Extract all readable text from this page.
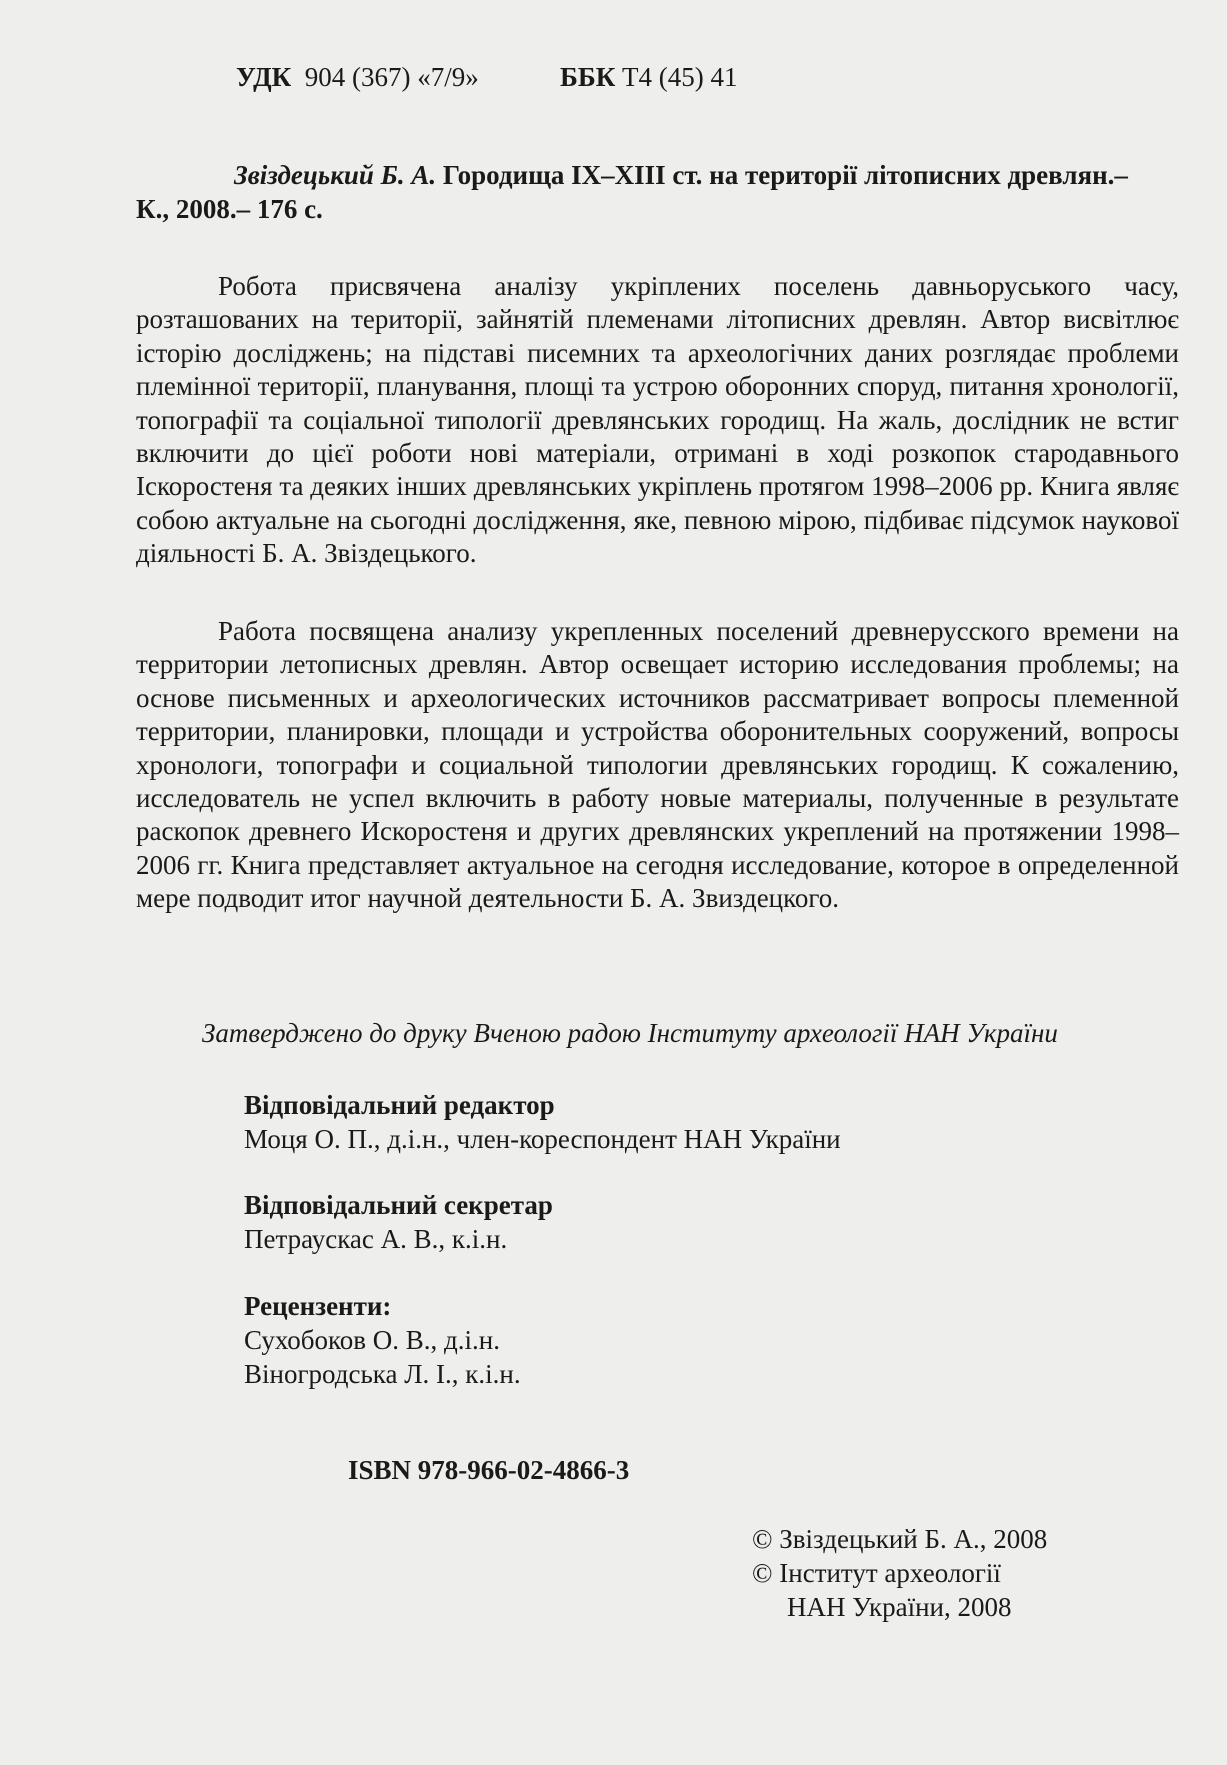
УДК 904 (367) «7/9»	ББК Т4 (45) 41
Звіздецький Б. А. Городища IX–XIII ст. на території літописних древлян.–
К., 2008.– 176 с.

Робота присвячена аналізу укріплених поселень давньоруського часу, розташованих на території, зайнятій племенами літописних древлян. Автор висвітлює історію досліджень; на підставі писемних та археологічних даних розглядає проблеми племінної території, планування, площі та устрою оборонних споруд, питання хронології, топографії та соціальної типології древлянських городищ. На жаль, дослідник не встиг включити до цієї роботи нові матеріали, отримані в ході розкопок стародавнього Іскоростеня та деяких інших древлянських укріплень протягом 1998–2006 рр. Книга являє собою актуальне на сьогодні дослідження, яке, певною мірою, підбиває підсумок наукової діяльності Б. А. Звіздецького.

Работа посвящена анализу укрепленных поселений древнерусского времени на территории летописных древлян. Автор освещает историю исследования проблемы; на основе письменных и археологических источников рассматривает вопросы племенной территории, планировки, площади и устройства оборонительных сооружений, вопросы хронологи, топографи и социальной типологии древлянських городищ. К сожалению, исследователь не успел включить в работу новые материалы, полученные в результате раскопок древнего Искоростеня и других древлянских укреплений на протяжении 1998–2006 гг. Книга представляет актуальное на сегодня исследование, которое в определенной мере подводит итог научной деятельности Б. А. Звиздецкого.

Затверджено до друку Вченою радою Інституту археології НАН України
Відповідальний редактор
Моця О. П., д.і.н., член-кореспондент НАН України
Відповідальний секретар
Петраускас А. В., к.і.н.
Рецензенти:
Сухобоков О. В., д.і.н.
Віногродська Л. І., к.і.н.
ISBN 978-966-02-4866-3
© Звіздецький Б. А., 2008
© Інститут археології
НАН України, 2008
